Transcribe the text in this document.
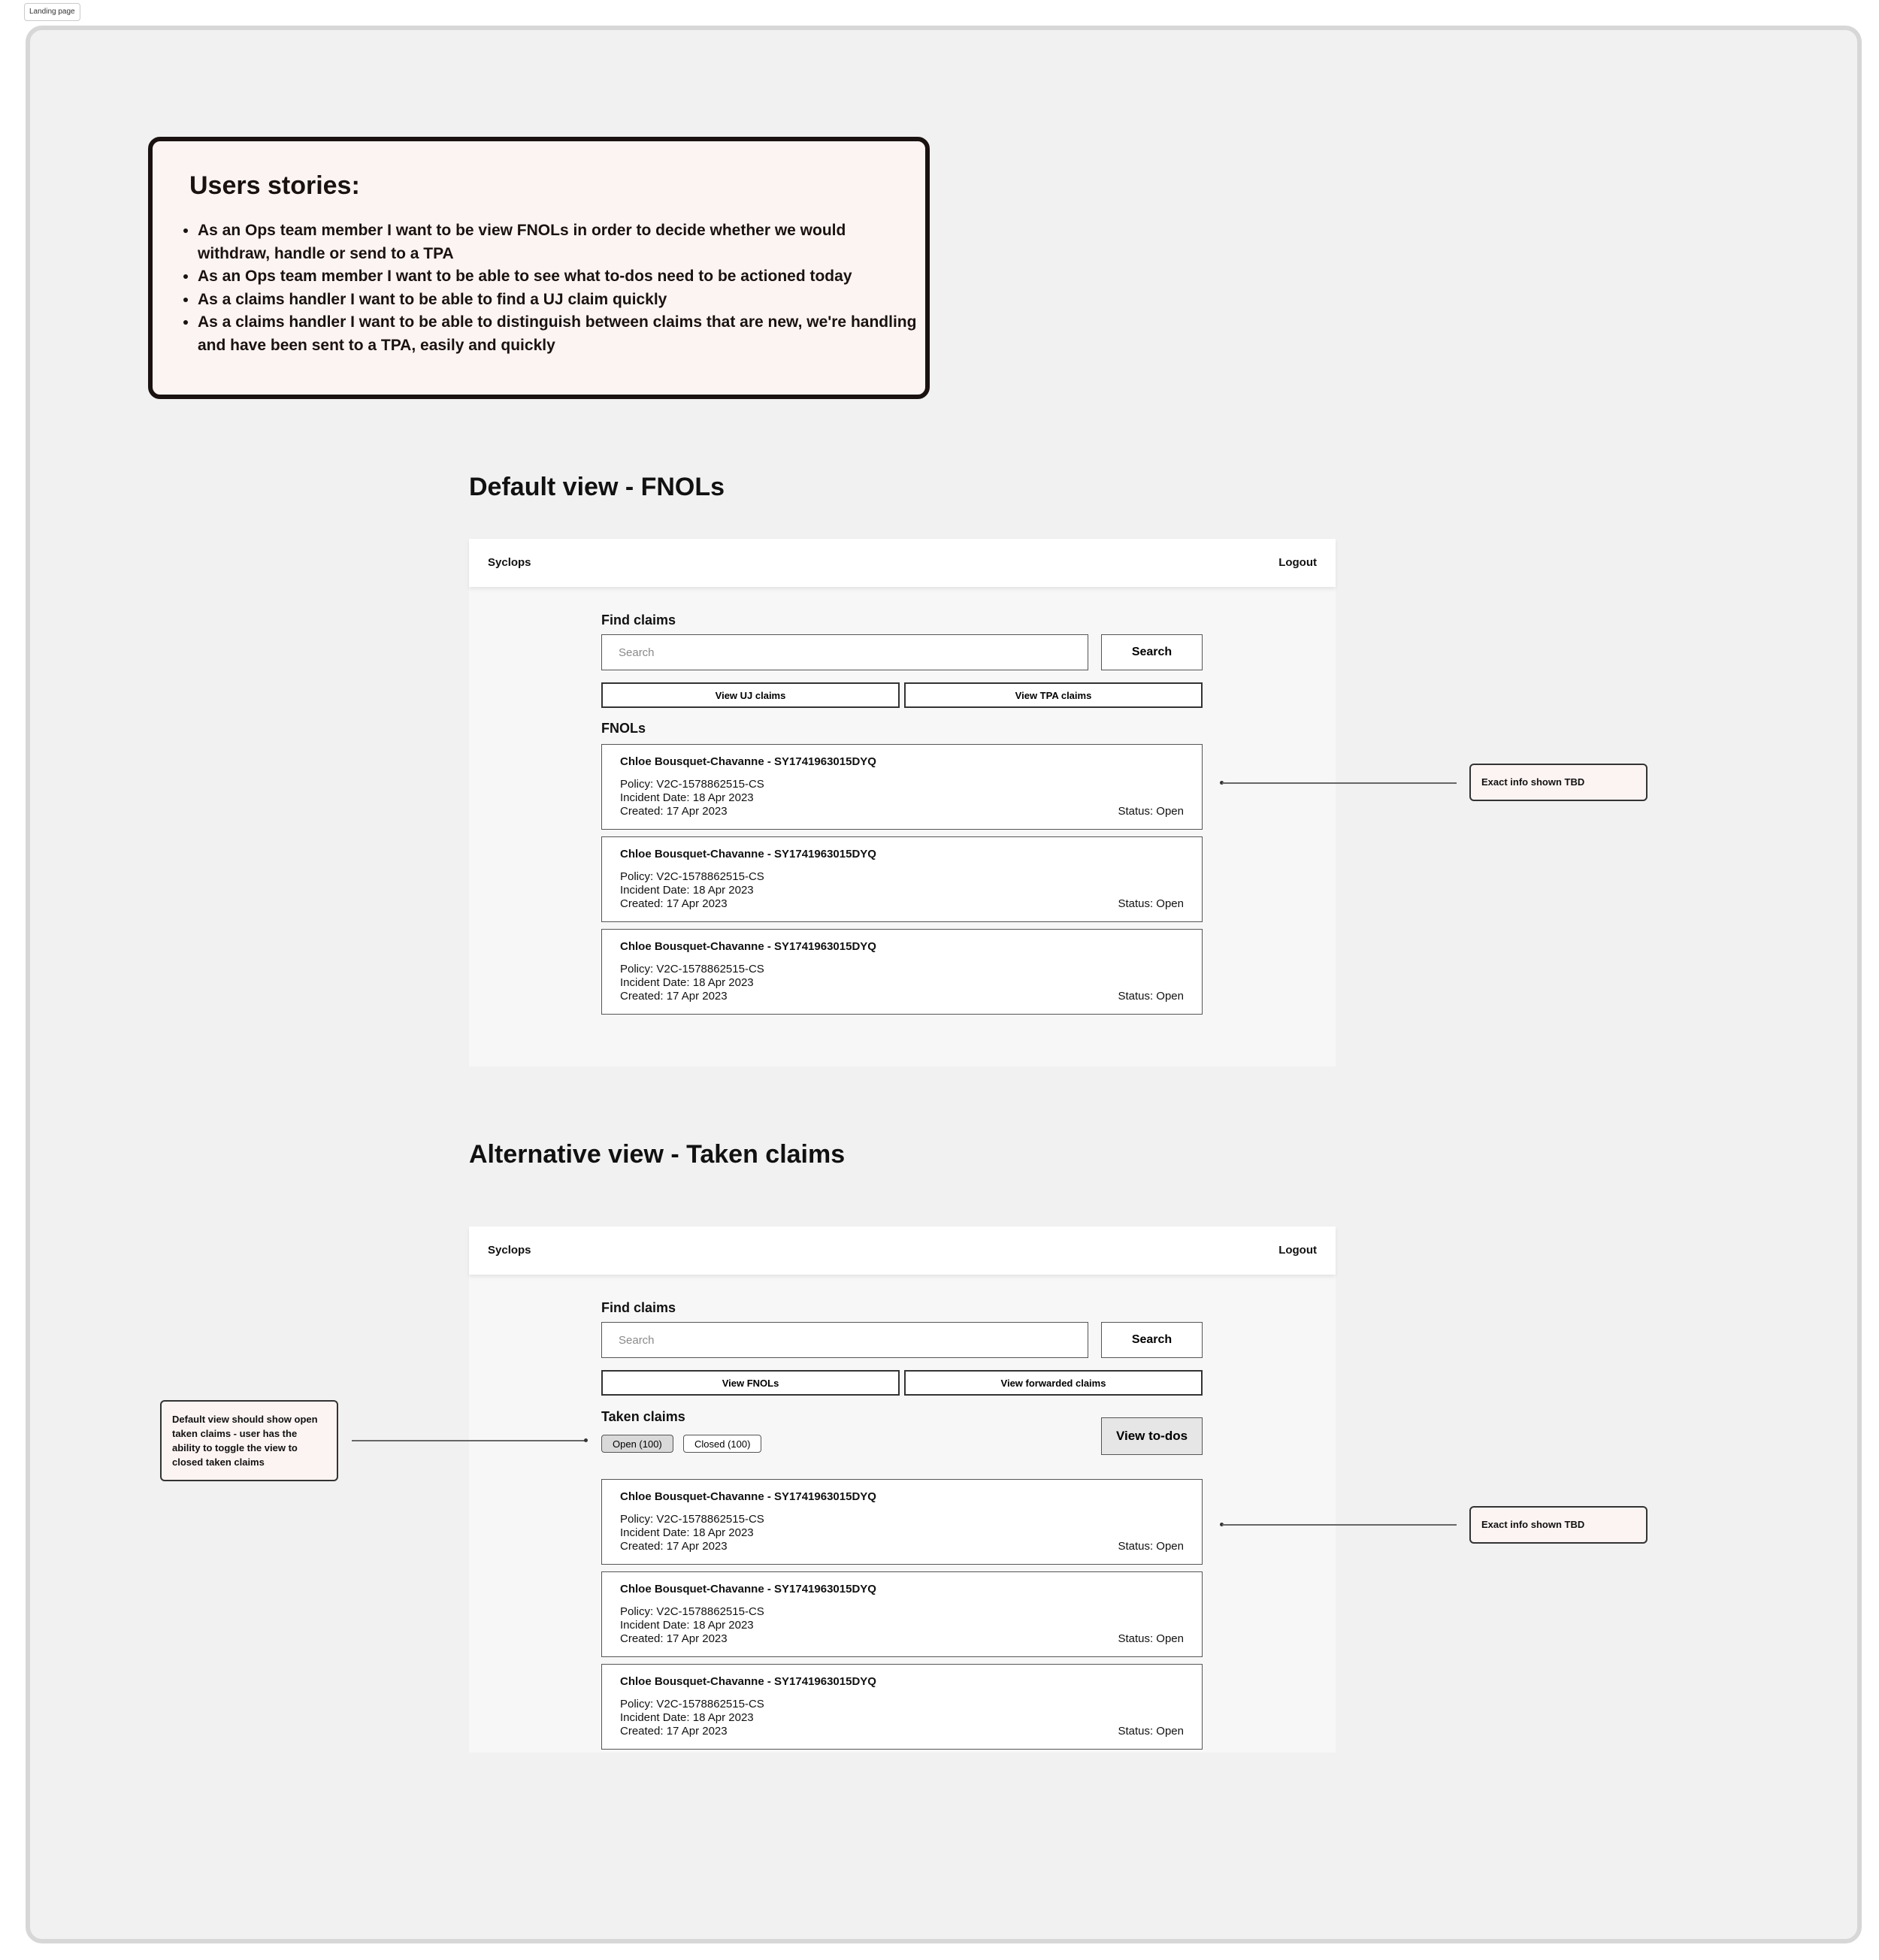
Landing page
Users stories:
• As an Ops team member I want to be view FNOLs in order to decide whether we would withdraw, handle or send to a TPA
• As an Ops team member I want to be able to see what to-dos need to be actioned today
• As a claims handler I want to be able to find a UJ claim quickly
• As a claims handler I want to be able to distinguish between claims that are new, we're handling and have been sent to a TPA, easily and quickly
Default view - FNOLs
Syclops	Logout
Find claims
Search
Search
View UJ claims	View TPA claims
FNOLs
Chloe Bousquet-Chavanne - SY1741963015DYQ
Policy: V2C-1578862515-CS
Incident Date: 18 Apr 2023
Created: 17 Apr 2023	Status: Open
Chloe Bousquet-Chavanne - SY1741963015DYQ
Policy: V2C-1578862515-CS
Incident Date: 18 Apr 2023
Created: 17 Apr 2023	Status: Open
Chloe Bousquet-Chavanne - SY1741963015DYQ
Policy: V2C-1578862515-CS
Incident Date: 18 Apr 2023
Created: 17 Apr 2023	Status: Open
Exact info shown TBD
Alternative view - Taken claims
Syclops	Logout
Find claims
Search
Search
View FNOLs	View forwarded claims
Taken claims
Open (100)	Closed (100)
View to-dos
Chloe Bousquet-Chavanne - SY1741963015DYQ
Policy: V2C-1578862515-CS
Incident Date: 18 Apr 2023
Created: 17 Apr 2023	Status: Open
Chloe Bousquet-Chavanne - SY1741963015DYQ
Policy: V2C-1578862515-CS
Incident Date: 18 Apr 2023
Created: 17 Apr 2023	Status: Open
Chloe Bousquet-Chavanne - SY1741963015DYQ
Policy: V2C-1578862515-CS
Incident Date: 18 Apr 2023
Created: 17 Apr 2023	Status: Open
Default view should show open taken claims - user has the ability to toggle the view to closed taken claims
Exact info shown TBD
